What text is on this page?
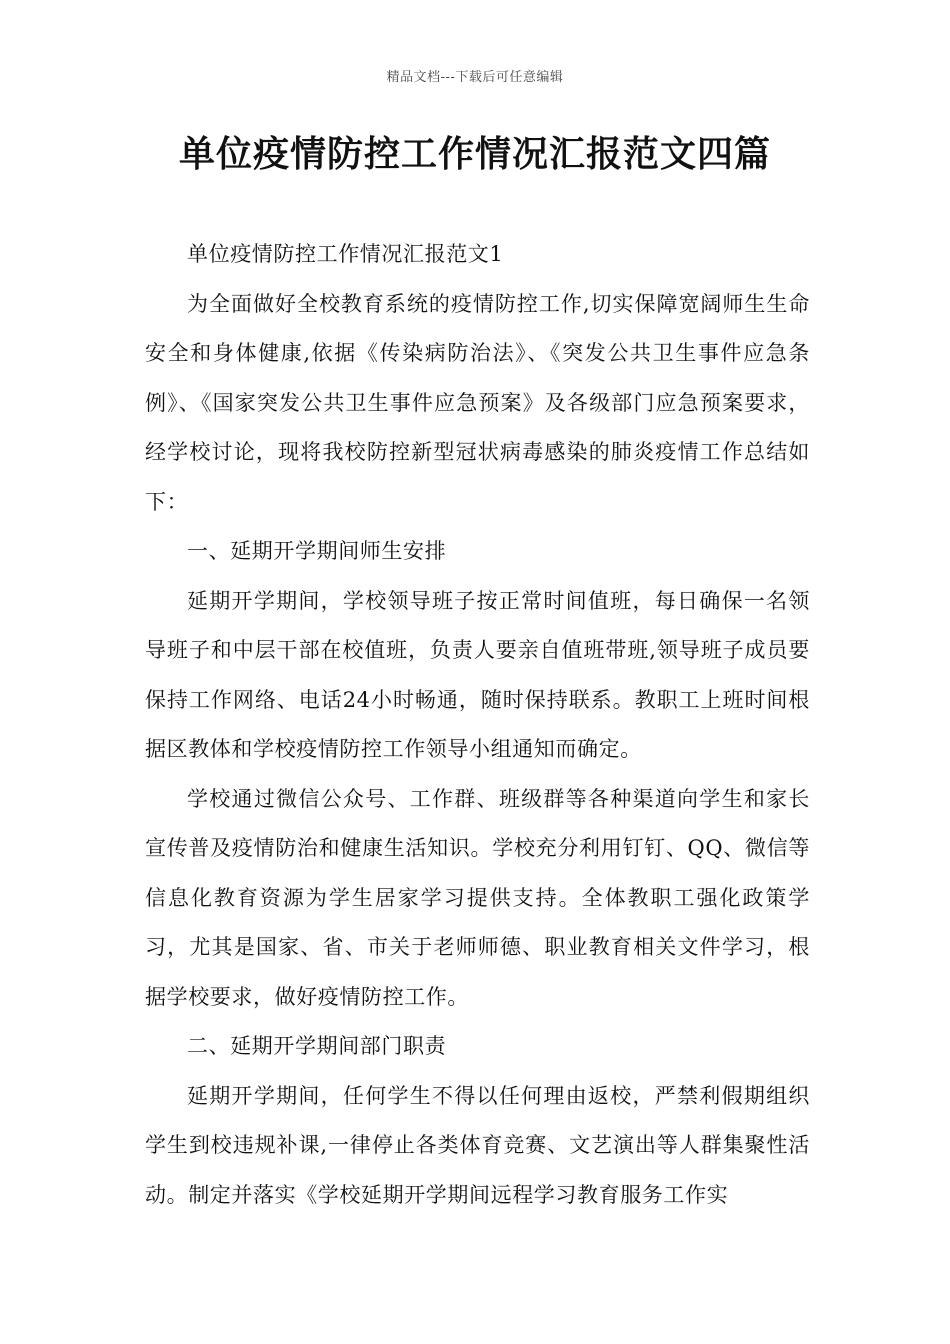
精品文档---下载后可任意编辑
单位疫情防控工作情况汇报范文四篇

单位疫情防控工作情况汇报范文1

为全面做好全校教育系统的疫情防控工作,切实保障宽阔师生生命安全和身体健康,依据《传染病防治法》、《突发公共卫生事件应急条例》、《国家突发公共卫生事件应急预案》及各级部门应急预案要求，经学校讨论，现将我校防控新型冠状病毒感染的肺炎疫情工作总结如下：

一、延期开学期间师生安排

延期开学期间，学校领导班子按正常时间值班，每日确保一名领导班子和中层干部在校值班，负责人要亲自值班带班,领导班子成员要保持工作网络、电话24小时畅通，随时保持联系。教职工上班时间根据区教体和学校疫情防控工作领导小组通知而确定。

学校通过微信公众号、工作群、班级群等各种渠道向学生和家长宣传普及疫情防治和健康生活知识。学校充分利用钉钉、QQ、微信等信息化教育资源为学生居家学习提供支持。全体教职工强化政策学习，尤其是国家、省、市关于老师师德、职业教育相关文件学习，根据学校要求，做好疫情防控工作。

二、延期开学期间部门职责

延期开学期间，任何学生不得以任何理由返校，严禁利假期组织学生到校违规补课,一律停止各类体育竞赛、文艺演出等人群集聚性活动。制定并落实《学校延期开学期间远程学习教育服务工作实
